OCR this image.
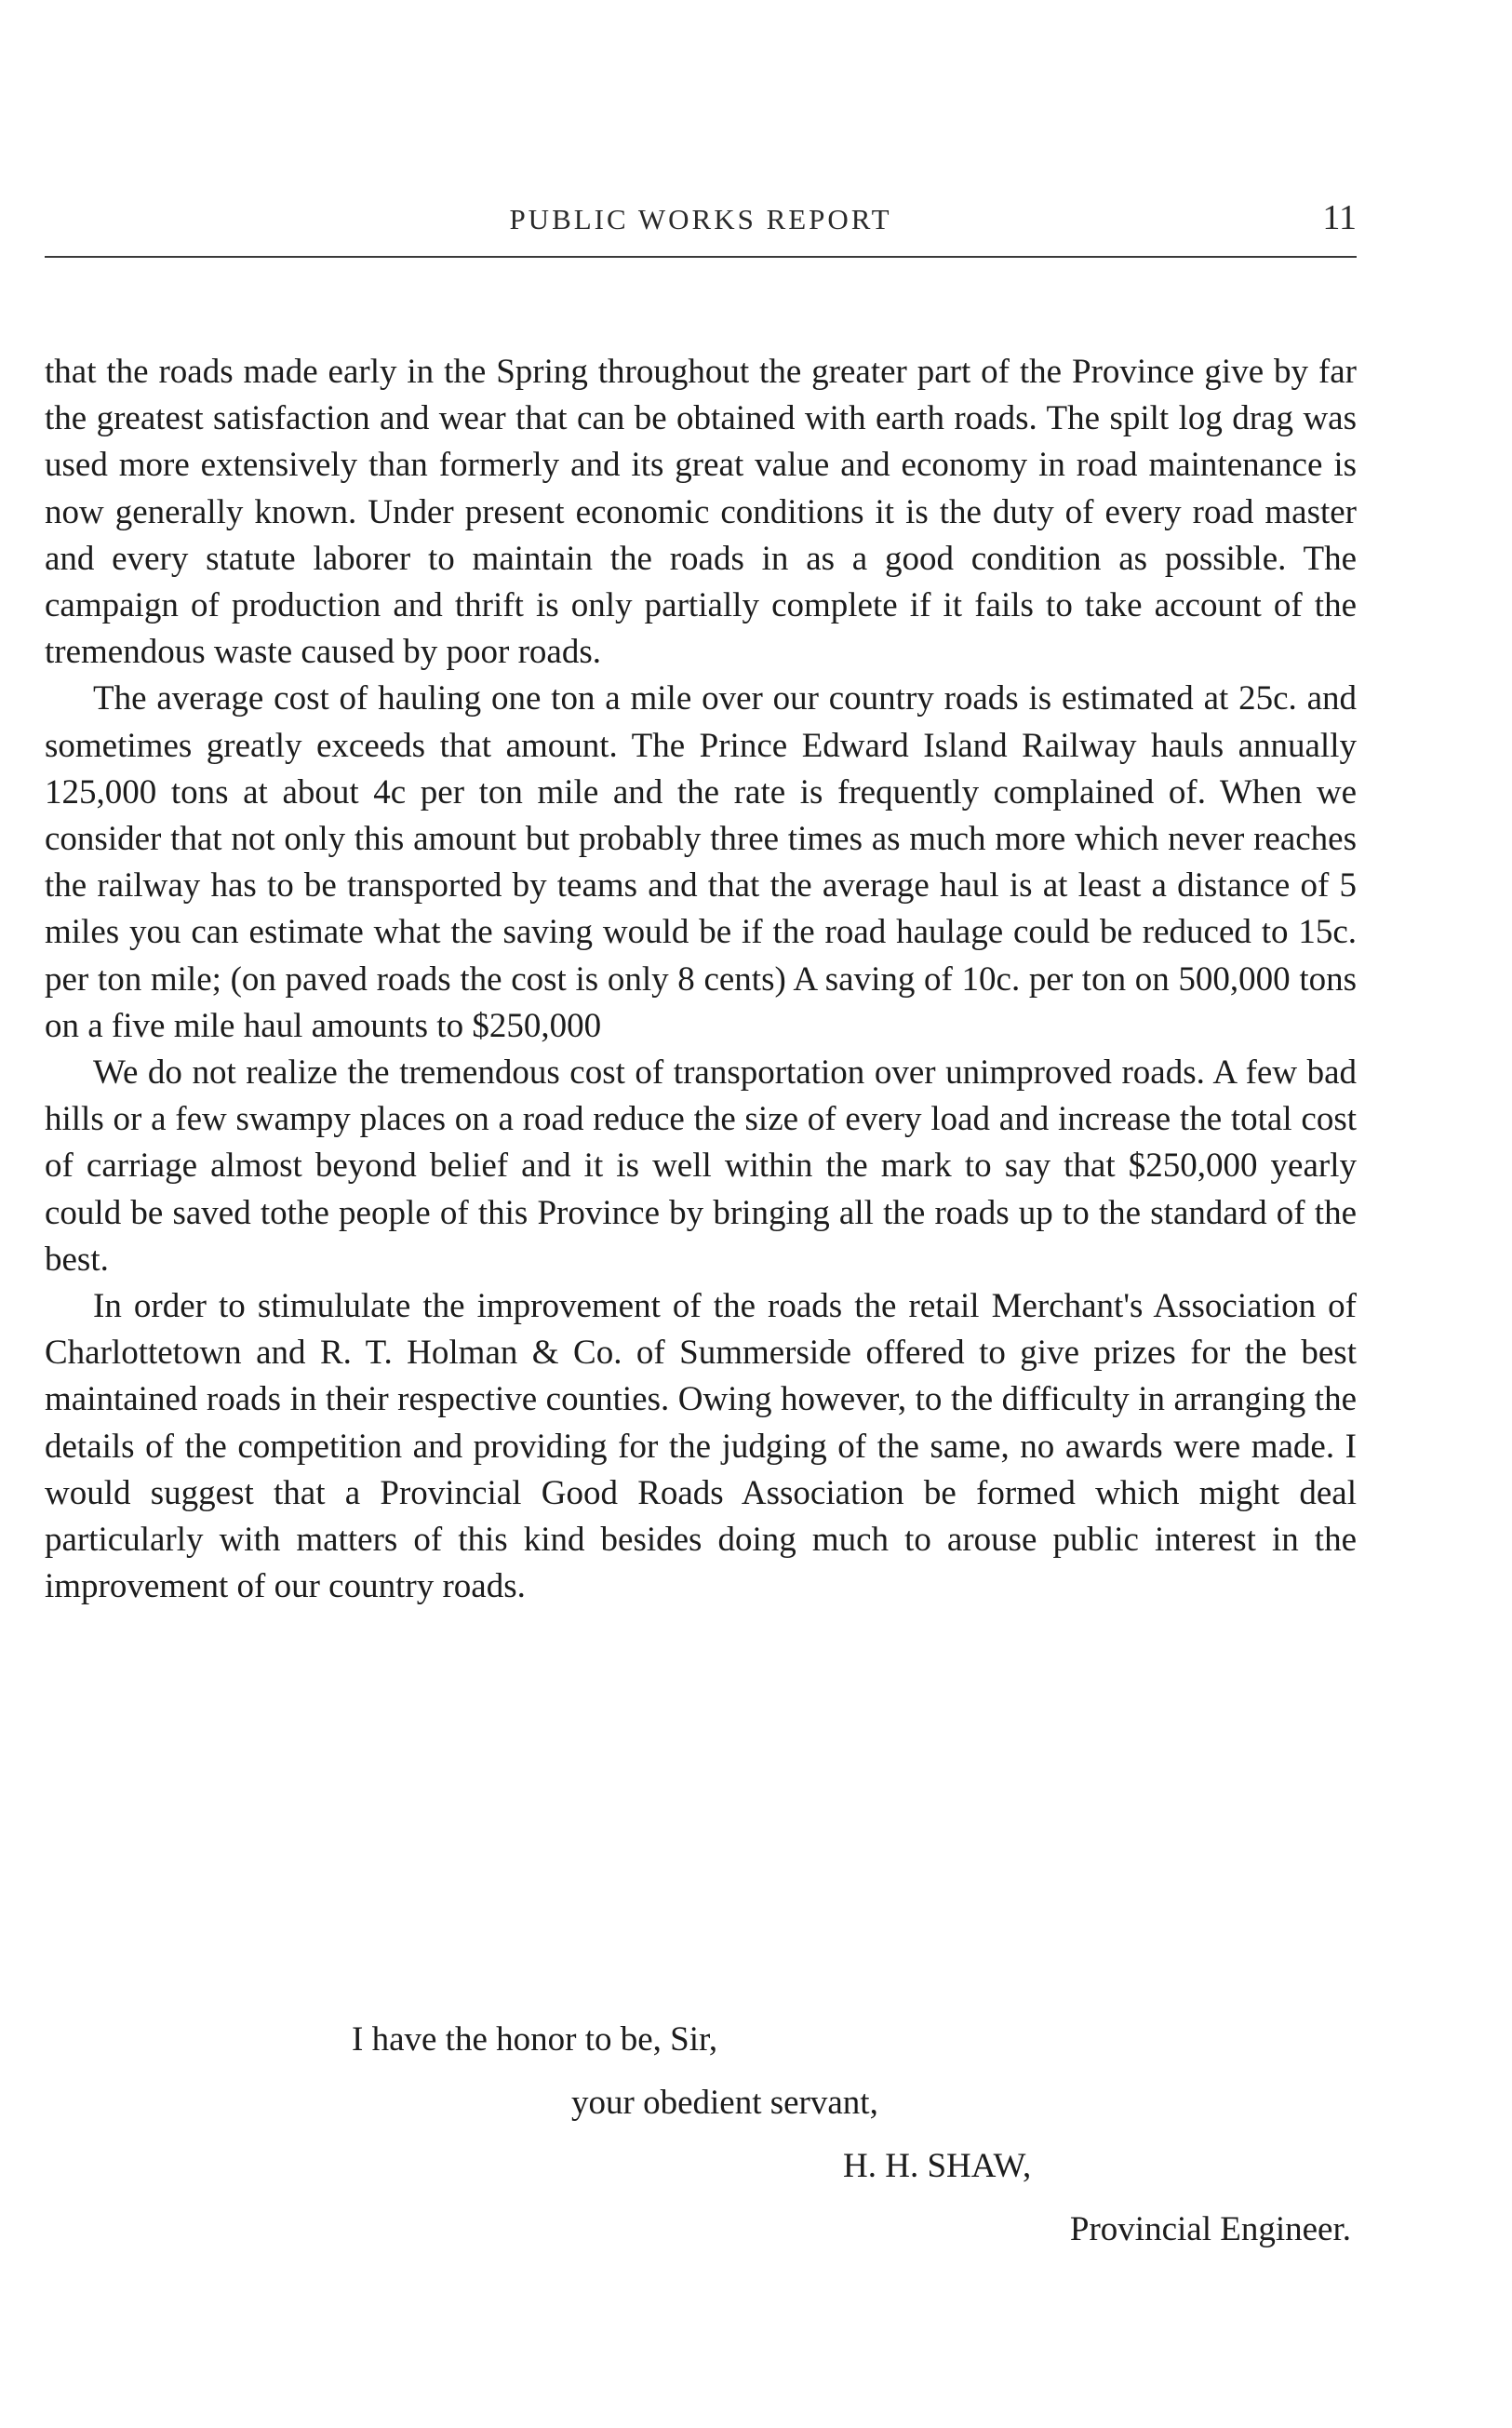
PUBLIC WORKS REPORT	11

that the roads made early in the Spring throughout the greater part of the Province give by far the greatest satisfaction and wear that can be obtained with earth roads. The spilt log drag was used more extensively than formerly and its great value and economy in road maintenance is now generally known. Under present economic conditions it is the duty of every road master and every statute laborer to maintain the roads in as a good condition as possible. The campaign of production and thrift is only partially complete if it fails to take account of the tremendous waste caused by poor roads.

The average cost of hauling one ton a mile over our country roads is estimated at 25c. and sometimes greatly exceeds that amount. The Prince Edward Island Railway hauls annually 125,000 tons at about 4c per ton mile and the rate is frequently complained of. When we consider that not only this amount but probably three times as much more which never reaches the railway has to be transported by teams and that the average haul is at least a distance of 5 miles you can estimate what the saving would be if the road haulage could be reduced to 15c. per ton mile; (on paved roads the cost is only 8 cents) A saving of 10c. per ton on 500,000 tons on a five mile haul amounts to $250,000

We do not realize the tremendous cost of transportation over unimproved roads. A few bad hills or a few swampy places on a road reduce the size of every load and increase the total cost of carriage almost beyond belief and it is well within the mark to say that $250,000 yearly could be saved tothe people of this Province by bringing all the roads up to the standard of the best.

In order to stimululate the improvement of the roads the retail Merchant's Association of Charlottetown and R. T. Holman & Co. of Summerside offered to give prizes for the best maintained roads in their respective counties. Owing however, to the difficulty in arranging the details of the competition and providing for the judging of the same, no awards were made. I would suggest that a Provincial Good Roads Association be formed which might deal particularly with matters of this kind besides doing much to arouse public interest in the improvement of our country roads.

I have the honor to be, Sir,
your obedient servant,
H. H. SHAW,
Provincial Engineer.
